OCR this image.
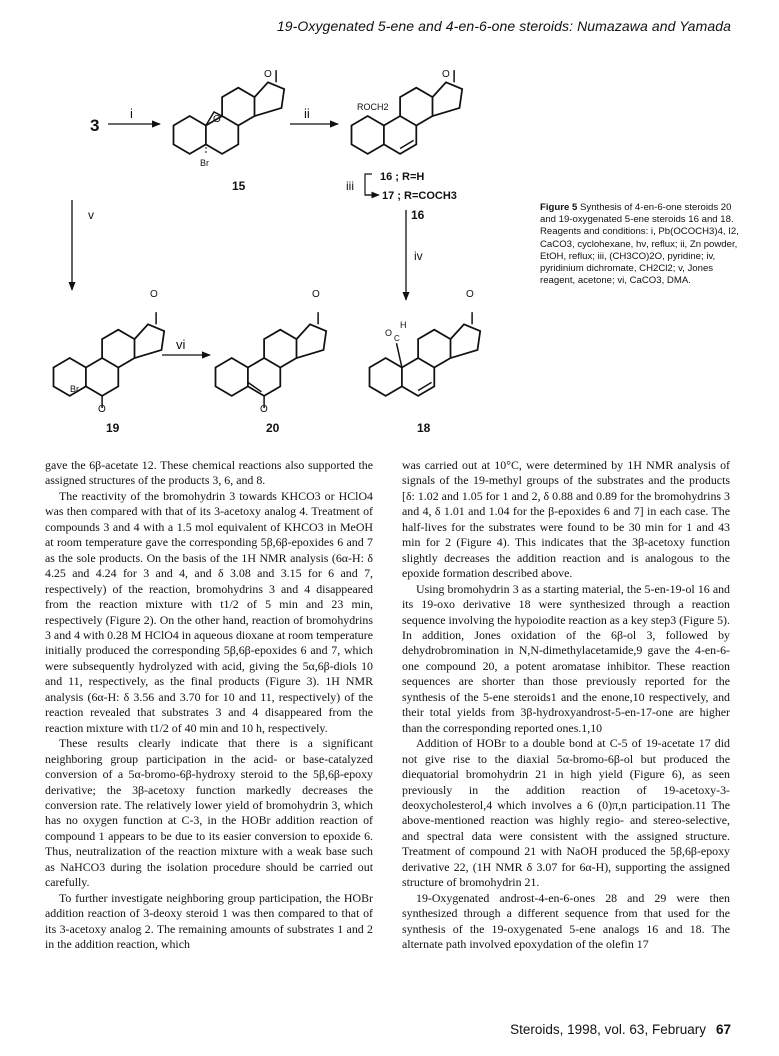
19-Oxygenated 5-ene and 4-en-6-one steroids: Numazawa and Yamada
3
i	O
O
Br
15
ii	ROCH2
O
iii
16 ; R=H
17 ; R=COCH3
16
iv
v
O
O
Br
19
vi
O
O
20
O
O
C
H
18
Figure 5 Synthesis of 4-en-6-one steroids 20 and 19-oxygenated 5-ene steroids 16 and 18. Reagents and conditions: i, Pb(OCOCH3)4, I2, CaCO3, cyclohexane, hν, reflux; ii, Zn powder, EtOH, reflux; iii, (CH3CO)2O, pyridine; iv, pyridinium dichromate, CH2Cl2; v, Jones reagent, acetone; vi, CaCO3, DMA.

gave the 6β-acetate 12. These chemical reactions also supported the assigned structures of the products 3, 6, and 8.

The reactivity of the bromohydrin 3 towards KHCO3 or HClO4 was then compared with that of its 3-acetoxy analog 4. Treatment of compounds 3 and 4 with a 1.5 mol equivalent of KHCO3 in MeOH at room temperature gave the corresponding 5β,6β-epoxides 6 and 7 as the sole products. On the basis of the 1H NMR analysis (6α-H: δ 4.25 and 4.24 for 3 and 4, and δ 3.08 and 3.15 for 6 and 7, respectively) of the reaction, bromohydrins 3 and 4 disappeared from the reaction mixture with t1/2 of 5 min and 23 min, respectively (Figure 2). On the other hand, reaction of bromohydrins 3 and 4 with 0.28 M HClO4 in aqueous dioxane at room temperature initially produced the corresponding 5β,6β-epoxides 6 and 7, which were subsequently hydrolyzed with acid, giving the 5α,6β-diols 10 and 11, respectively, as the final products (Figure 3). 1H NMR analysis (6α-H: δ 3.56 and 3.70 for 10 and 11, respectively) of the reaction revealed that substrates 3 and 4 disappeared from the reaction mixture with t1/2 of 40 min and 10 h, respectively.

These results clearly indicate that there is a significant neighboring group participation in the acid- or base-catalyzed conversion of a 5α-bromo-6β-hydroxy steroid to the 5β,6β-epoxy derivative; the 3β-acetoxy function markedly decreases the conversion rate. The relatively lower yield of bromohydrin 3, which has no oxygen function at C-3, in the HOBr addition reaction of compound 1 appears to be due to its easier conversion to epoxide 6. Thus, neutralization of the reaction mixture with a weak base such as NaHCO3 during the isolation procedure should be carried out carefully.

To further investigate neighboring group participation, the HOBr addition reaction of 3-deoxy steroid 1 was then compared to that of its 3-acetoxy analog 2. The remaining amounts of substrates 1 and 2 in the addition reaction, which

was carried out at 10°C, were determined by 1H NMR analysis of signals of the 19-methyl groups of the substrates and the products [δ: 1.02 and 1.05 for 1 and 2, δ 0.88 and 0.89 for the bromohydrins 3 and 4, δ 1.01 and 1.04 for the β-epoxides 6 and 7] in each case. The half-lives for the substrates were found to be 30 min for 1 and 43 min for 2 (Figure 4). This indicates that the 3β-acetoxy function slightly decreases the addition reaction and is analogous to the epoxide formation described above.

Using bromohydrin 3 as a starting material, the 5-en-19-ol 16 and its 19-oxo derivative 18 were synthesized through a reaction sequence involving the hypoiodite reaction as a key step3 (Figure 5). In addition, Jones oxidation of the 6β-ol 3, followed by dehydrobromination in N,N-dimethylacetamide,9 gave the 4-en-6-one compound 20, a potent aromatase inhibitor. These reaction sequences are shorter than those previously reported for the synthesis of the 5-ene steroids1 and the enone,10 respectively, and their total yields from 3β-hydroxyandrost-5-en-17-one are higher than the corresponding reported ones.1,10

Addition of HOBr to a double bond at C-5 of 19-acetate 17 did not give rise to the diaxial 5α-bromo-6β-ol but produced the diequatorial bromohydrin 21 in high yield (Figure 6), as seen previously in the addition reaction of 19-acetoxy-3-deoxycholesterol,4 which involves a 6 (0)π,n participation.11 The above-mentioned reaction was highly regio- and stereo-selective, and spectral data were consistent with the assigned structure. Treatment of compound 21 with NaOH produced the 5β,6β-epoxy derivative 22, (1H NMR δ 3.07 for 6α-H), supporting the assigned structure of bromohydrin 21.

19-Oxygenated androst-4-en-6-ones 28 and 29 were then synthesized through a different sequence from that used for the synthesis of the 19-oxygenated 5-ene analogs 16 and 18. The alternate path involved epoxydation of the olefin 17

Steroids, 1998, vol. 63, February 67
